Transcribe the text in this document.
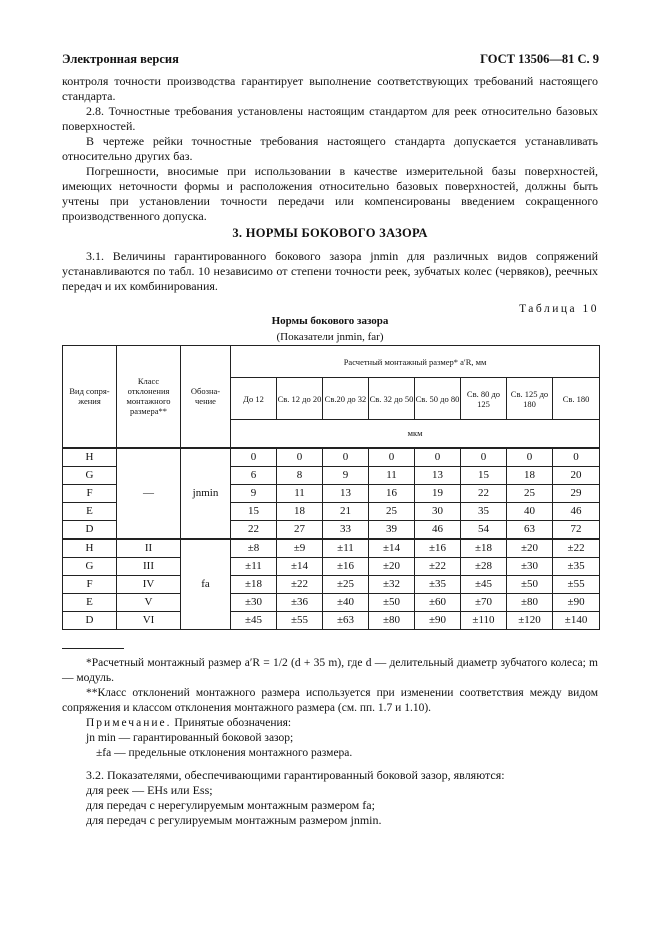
Электронная версия	ГОСТ 13506—81 С. 9

контроля точности производства гарантирует выполнение соответствующих требований настоящего стандарта.

2.8. Точностные требования установлены настоящим стандартом для реек относительно базовых поверхностей.

В чертеже рейки точностные требования настоящего стандарта допускается устанавливать относительно других баз.

Погрешности, вносимые при использовании в качестве измерительной базы поверхностей, имеющих неточности формы и расположения относительно базовых поверхностей, должны быть учтены при установлении точности передачи или компенсированы введением сокращенного производственного допуска.

3. НОРМЫ БОКОВОГО ЗАЗОРА

3.1. Величины гарантированного бокового зазора jnmin для различных видов сопряжений устанавливаются по табл. 10 независимо от степени точности реек, зубчатых колес (червяков), реечных передач и их комбинирования.

Таблица 10
Нормы бокового зазора
(Показатели jnmin, far)
Вид сопря-жения	Класс отклонения монтажного размера**	Обозна-чение	Расчетный монтажный размер* a′R, мм							
			До 12	Св. 12 до 20	Св.20 до 32	Св. 32 до 50	Св. 50 до 80	Св. 80 до 125	Св. 125 до 180	Св. 180
			мкм							
H	—	jnmin	0	0	0	0	0	0	0	0
G			6	8	9	11	13	15	18	20
F			9	11	13	16	19	22	25	29
E			15	18	21	25	30	35	40	46
D			22	27	33	39	46	54	63	72
H	II	fa	±8	±9	±11	±14	±16	±18	±20	±22
G	III		±11	±14	±16	±20	±22	±28	±30	±35
F	IV		±18	±22	±25	±32	±35	±45	±50	±55
E	V		±30	±36	±40	±50	±60	±70	±80	±90
D	VI		±45	±55	±63	±80	±90	±110	±120	±140

*Расчетный монтажный размер a′R = 1/2 (d + 35 m), где d — делительный диаметр зубчатого колеса; m — модуль.

**Класс отклонений монтажного размера используется при изменении соответствия между видом сопряжения и классом отклонения монтажного размера (см. пп. 1.7 и 1.10).

Примечание. Принятые обозначения:

jn min — гарантированный боковой зазор;

±fa — предельные отклонения монтажного размера.

3.2. Показателями, обеспечивающими гарантированный боковой зазор, являются:

для реек — EHs или Ess;

для передач с нерегулируемым монтажным размером fa;

для передач с регулируемым монтажным размером jnmin.
